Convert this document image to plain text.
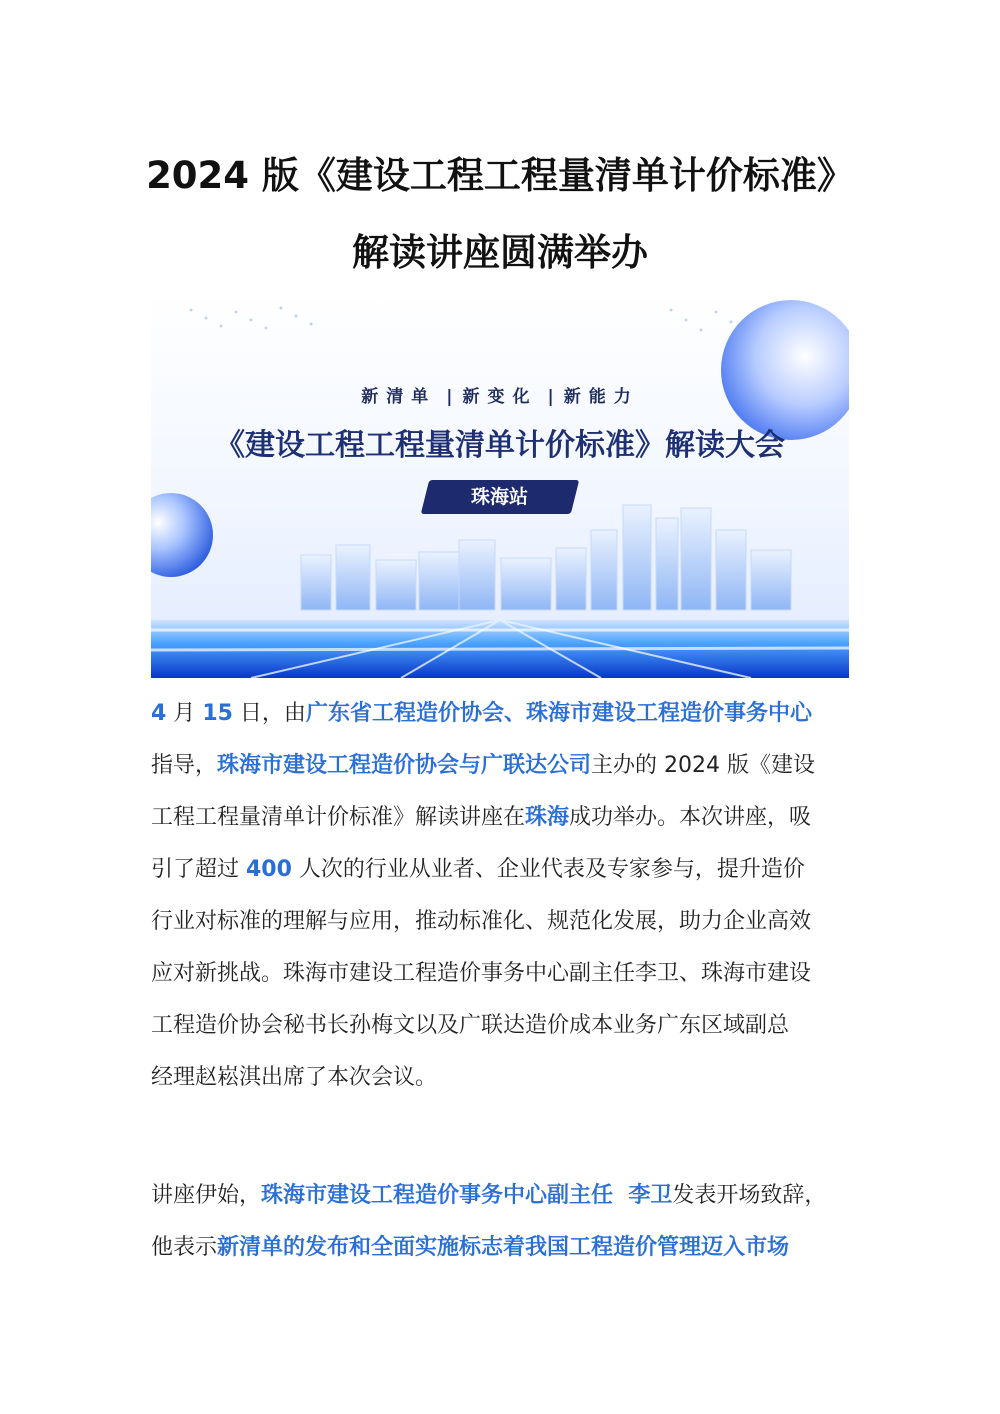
2024 版《建设工程工程量清单计价标准》
解读讲座圆满举办
新清单 | 新变化 | 新能力
《建设工程工程量清单计价标准》解读大会
珠海站
4 月 15 日，由广东省工程造价协会、珠海市建设工程造价事务中心
指导，珠海市建设工程造价协会与广联达公司主办的 2024 版《建设
工程工程量清单计价标准》解读讲座在珠海成功举办。本次讲座，吸
引了超过 400 人次的行业从业者、企业代表及专家参与，提升造价
行业对标准的理解与应用，推动标准化、规范化发展，助力企业高效
应对新挑战。珠海市建设工程造价事务中心副主任李卫、珠海市建设
工程造价协会秘书长孙梅文以及广联达造价成本业务广东区域副总
经理赵崧淇出席了本次会议。
讲座伊始，珠海市建设工程造价事务中心副主任  李卫发表开场致辞，
他表示新清单的发布和全面实施标志着我国工程造价管理迈入市场
